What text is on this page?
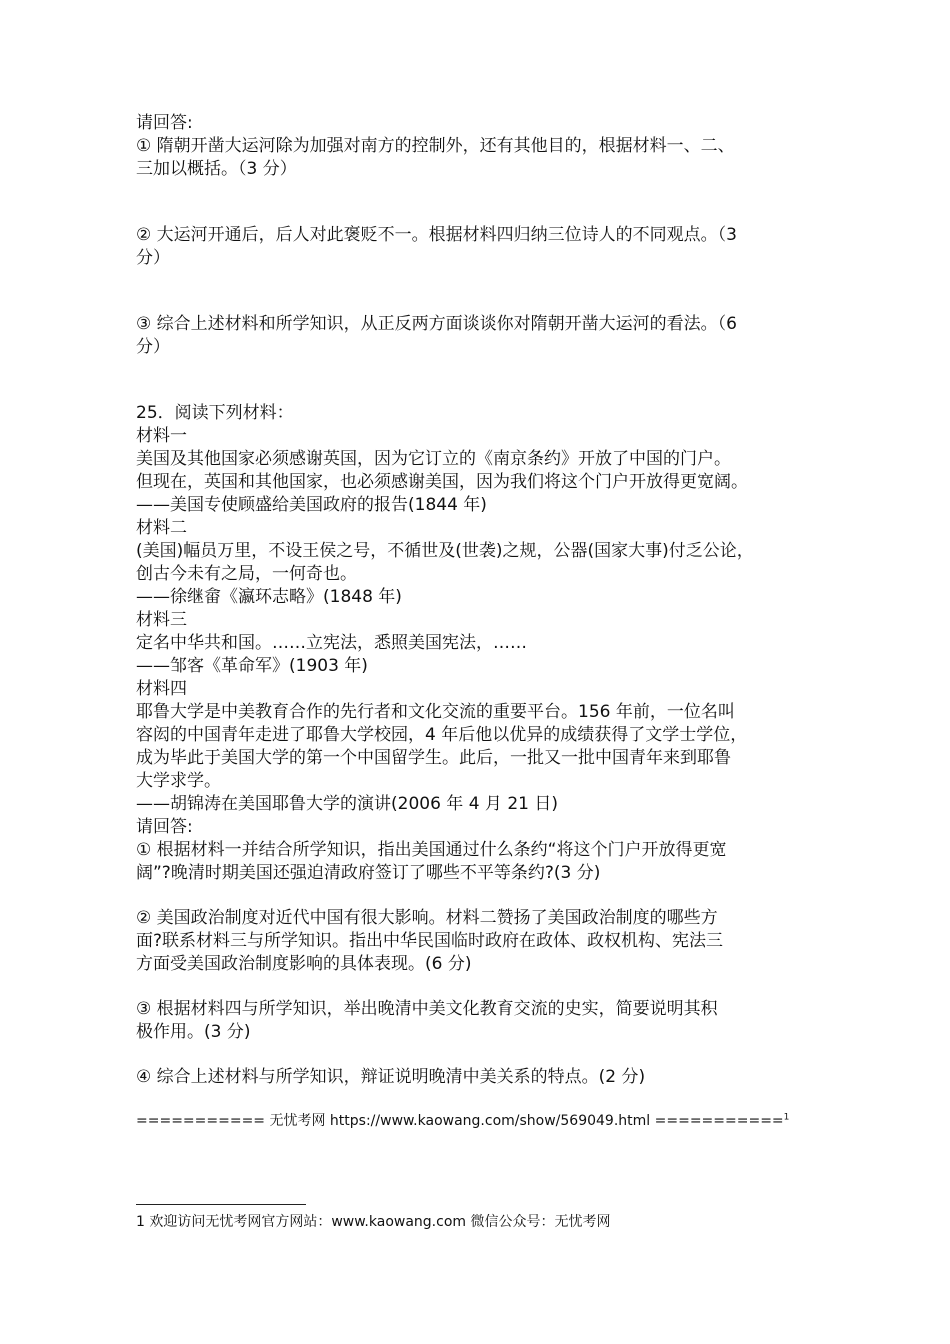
请回答:
① 隋朝开凿大运河除为加强对南方的控制外，还有其他目的，根据材料一、二、
三加以概括。（3 分）
② 大运河开通后，后人对此褒贬不一。根据材料四归纳三位诗人的不同观点。（3
分）
③ 综合上述材料和所学知识，从正反两方面谈谈你对隋朝开凿大运河的看法。（6
分）
25．阅读下列材料：
材料一
美国及其他国家必须感谢英国，因为它订立的《南京条约》开放了中国的门户。
但现在，英国和其他国家，也必须感谢美国，因为我们将这个门户开放得更宽阔。
——美国专使顾盛给美国政府的报告(1844 年)
材料二
(美国)幅员万里，不设王侯之号，不循世及(世袭)之规，公器(国家大事)付乏公论，
创古今未有之局，一何奇也。
——徐继畲《瀛环志略》(1848 年)
材料三
定名中华共和国。……立宪法，悉照美国宪法，……
——邹客《革命军》(1903 年)
材料四
耶鲁大学是中美教育合作的先行者和文化交流的重要平台。156 年前，一位名叫
容闳的中国青年走进了耶鲁大学校园，4 年后他以优异的成绩获得了文学士学位，
成为毕此于美国大学的第一个中国留学生。此后，一批又一批中国青年来到耶鲁
大学求学。
——胡锦涛在美国耶鲁大学的演讲(2006 年 4 月 21 日)
请回答:
① 根据材料一并结合所学知识，指出美国通过什么条约“将这个门户开放得更宽
阔”?晚清时期美国还强迫清政府签订了哪些不平等条约?(3 分)
② 美国政治制度对近代中国有很大影响。材料二赞扬了美国政治制度的哪些方
面?联系材料三与所学知识。指出中华民国临时政府在政体、政权机构、宪法三
方面受美国政治制度影响的具体表现。(6 分)
③ 根据材料四与所学知识，举出晚清中美文化教育交流的史实，简要说明其积
极作用。(3 分)
④ 综合上述材料与所学知识，辩证说明晚清中美关系的特点。(2 分)
=========== 无忧考网 https://www.kaowang.com/show/569049.html ===========$^1$
1 欢迎访问无忧考网官方网站：www.kaowang.com 微信公众号：无忧考网
